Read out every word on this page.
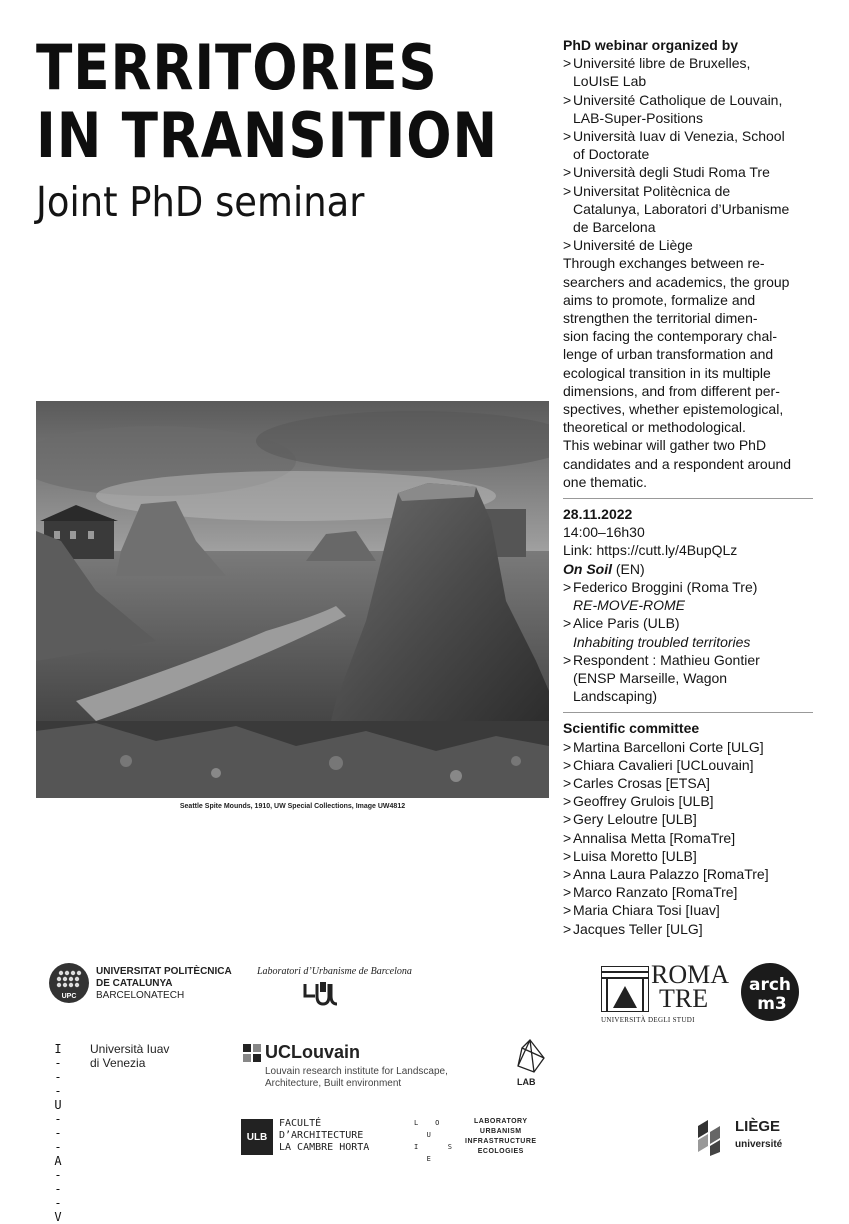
TERRITORIES
IN TRANSITION
Joint PhD seminar
Seattle Spite Mounds, 1910, UW Special Collections, Image UW4812
PhD webinar organized by
> Université libre de Bruxelles,
LoUIsE Lab
> Université Catholique de Louvain,
LAB-Super-Positions
> Università Iuav di Venezia, School
of Doctorate
> Università degli Studi Roma Tre
> Universitat Politècnica de
Catalunya, Laboratori d’Urbanisme
de Barcelona
> Université de Liège
Through exchanges between re-
searchers and academics, the group
aims to promote, formalize and
strengthen the territorial dimen-
sion facing the contemporary chal-
lenge of urban transformation and
ecological transition in its multiple
dimensions, and from different per-
spectives, whether epistemological,
theoretical or methodological.
This webinar will gather two PhD
candidates and a respondent around
one thematic.
28.11.2022
14:00–16h30
Link: https://cutt.ly/4BupQLz
On Soil (EN)
> Federico Broggini (Roma Tre)
RE-MOVE-ROME
> Alice Paris (ULB)
Inhabiting troubled territories
> Respondent : Mathieu Gontier
(ENSP Marseille, Wagon
Landscaping)
Scientific committee
> Martina Barcelloni Corte [ULG]
> Chiara Cavalieri [UCLouvain]
> Carles Crosas [ETSA]
> Geoffrey Grulois [ULB]
> Gery Leloutre [ULB]
> Annalisa Metta [RomaTre]
> Luisa Moretto [ULB]
> Anna Laura Palazzo [RomaTre]
> Marco Ranzato [RomaTre]
> Maria Chiara Tosi [Iuav]
> Jacques Teller [ULG]
UPC
UNIVERSITAT POLITÈCNICA
DE CATALUNYA
BARCELONATECH
Laboratori d’Urbanisme de Barcelona	ROMA
TRE
UNIVERSITÀ DEGLI STUDI
arch
m3
I
- - -
U
- - -
A
- - -
V
Università Iuav
di Venezia
UCLouvain
Louvain research institute for Landscape,
Architecture, Built environment	LAB
ULB
FACULTÉ
D’ARCHITECTURE
LA CAMBRE HORTA
L    O
U
I       S
E
LABORATORY
URBANISM
INFRASTRUCTURE
ECOLOGIES
LIÈGE
université
